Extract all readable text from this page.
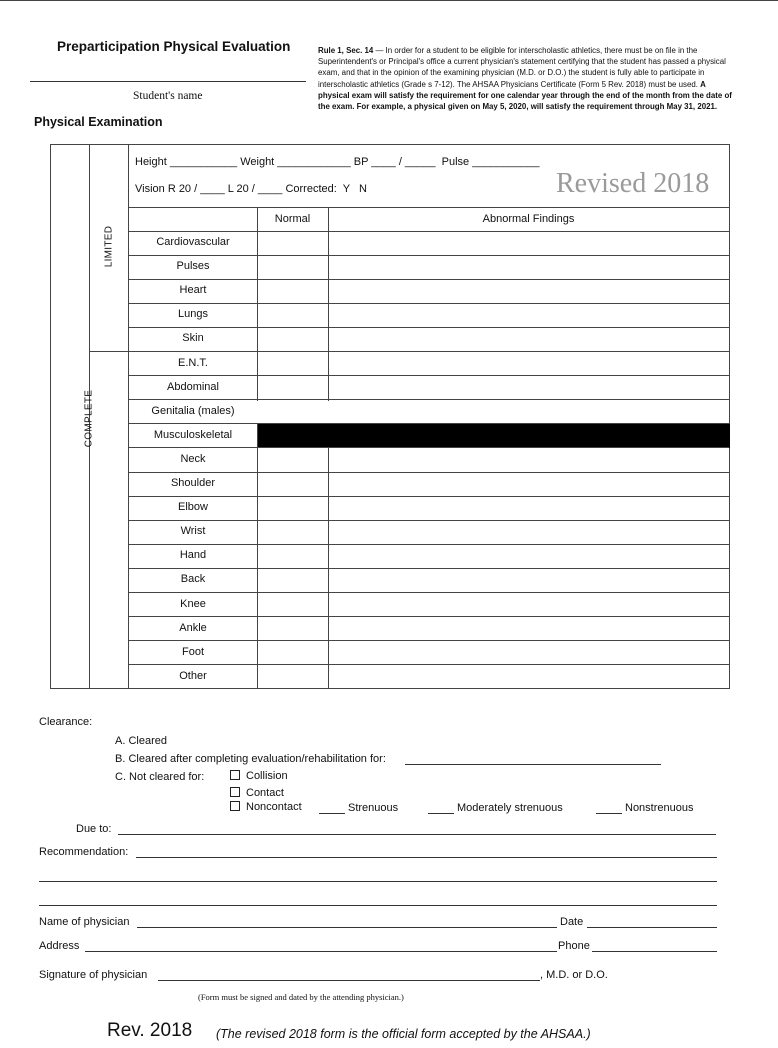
Preparticipation Physical Evaluation
Student's name
Physical Examination
Rule 1, Sec. 14 — In order for a student to be eligible for interscholastic athletics, there must be on file in the Superintendent's or Principal's office a current physician's statement certifying that the student has passed a physical exam, and that in the opinion of the examining physician (M.D. or D.O.) the student is fully able to participate in interscholastic athletics (Grade s 7-12). The AHSAA Physicians Certificate (Form 5 Rev. 2018) must be used. A physical exam will satisfy the requirement for one calendar year through the end of the month from the date of the exam. For example, a physical given on May 5, 2020, will satisfy the requirement through May 31, 2021.
COMPLETE
LIMITED
Height ___________ Weight ____________ BP ____ / _____  Pulse ___________
Vision R 20 / ____ L 20 / ____ Corrected:  Y   N	Revised 2018
Normal	Abnormal Findings
Cardiovascular
Pulses
Heart
Lungs
Skin
E.N.T.
Abdominal
Genitalia (males)
Musculoskeletal
Neck
Shoulder
Elbow
Wrist
Hand
Back
Knee
Ankle
Foot
Other
Clearance:
A. Cleared
B. Cleared after completing evaluation/rehabilitation for:
C. Not cleared for:	Collision
Contact
Noncontact	Strenuous	Moderately strenuous	Nonstrenuous
Due to:
Recommendation:
Name of physician	Date
Address	Phone
Signature of physician	, M.D. or D.O.
(Form must be signed and dated by the attending physician.)
Rev. 2018 (The revised 2018 form is the official form accepted by the AHSAA.)
